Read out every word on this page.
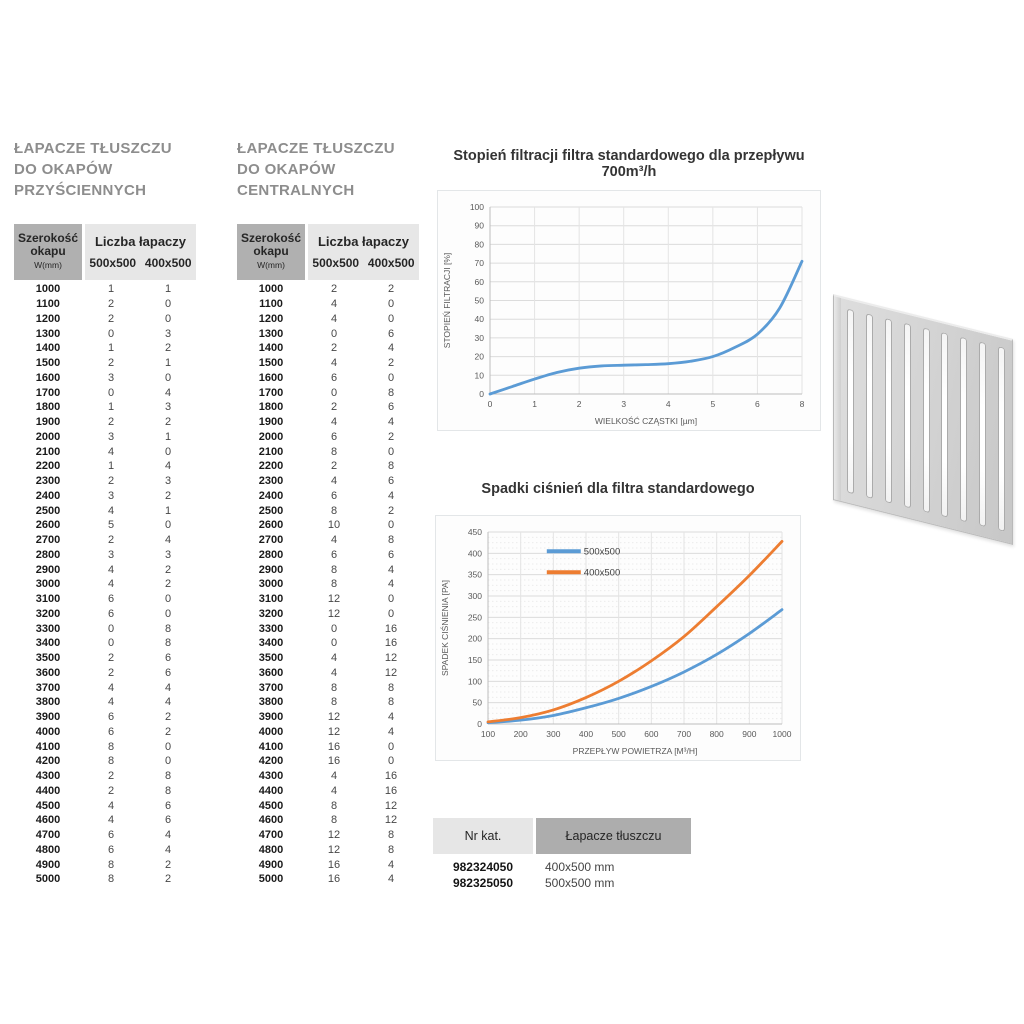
ŁAPACZE TŁUSZCZU
DO OKAPÓW
PRZYŚCIENNYCH
Szerokość okapu
W(mm)
Liczba łapaczy
500x500 400x500
1000	1	1
1100	2	0
1200	2	0
1300	0	3
1400	1	2
1500	2	1
1600	3	0
1700	0	4
1800	1	3
1900	2	2
2000	3	1
2100	4	0
2200	1	4
2300	2	3
2400	3	2
2500	4	1
2600	5	0
2700	2	4
2800	3	3
2900	4	2
3000	4	2
3100	6	0
3200	6	0
3300	0	8
3400	0	8
3500	2	6
3600	2	6
3700	4	4
3800	4	4
3900	6	2
4000	6	2
4100	8	0
4200	8	0
4300	2	8
4400	2	8
4500	4	6
4600	4	6
4700	6	4
4800	6	4
4900	8	2
5000	8	2
ŁAPACZE TŁUSZCZU
DO OKAPÓW
CENTRALNYCH
Szerokość okapu
W(mm)
Liczba łapaczy
500x500 400x500
1000	2	2
1100	4	0
1200	4	0
1300	0	6
1400	2	4
1500	4	2
1600	6	0
1700	0	8
1800	2	6
1900	4	4
2000	6	2
2100	8	0
2200	2	8
2300	4	6
2400	6	4
2500	8	2
2600	10	0
2700	4	8
2800	6	6
2900	8	4
3000	8	4
3100	12	0
3200	12	0
3300	0	16
3400	0	16
3500	4	12
3600	4	12
3700	8	8
3800	8	8
3900	12	4
4000	12	4
4100	16	0
4200	16	0
4300	4	16
4400	4	16
4500	8	12
4600	8	12
4700	12	8
4800	12	8
4900	16	4
5000	16	4
Stopień filtracji filtra standardowego dla przepływu 700m³/h
0
10
20
30
40
50
60
70
80
90
100
0	1	2	3	4	5	6	8
WIELKOŚĆ CZĄSTKI [µm]
STOPIEŃ FILTRACJI [%]
Spadki ciśnień dla filtra standardowego
0
50
100
150
200
250
300
350
400
450
100 200 300 400 500 600 700 800 900 1000
500x500
400x500
PRZEPŁYW POWIETRZA [M³/H]
SPADEK CIŚNIENIA [PA]
Nr kat.	Łapacze tłuszczu
982324050	400x500 mm
982325050	500x500 mm
